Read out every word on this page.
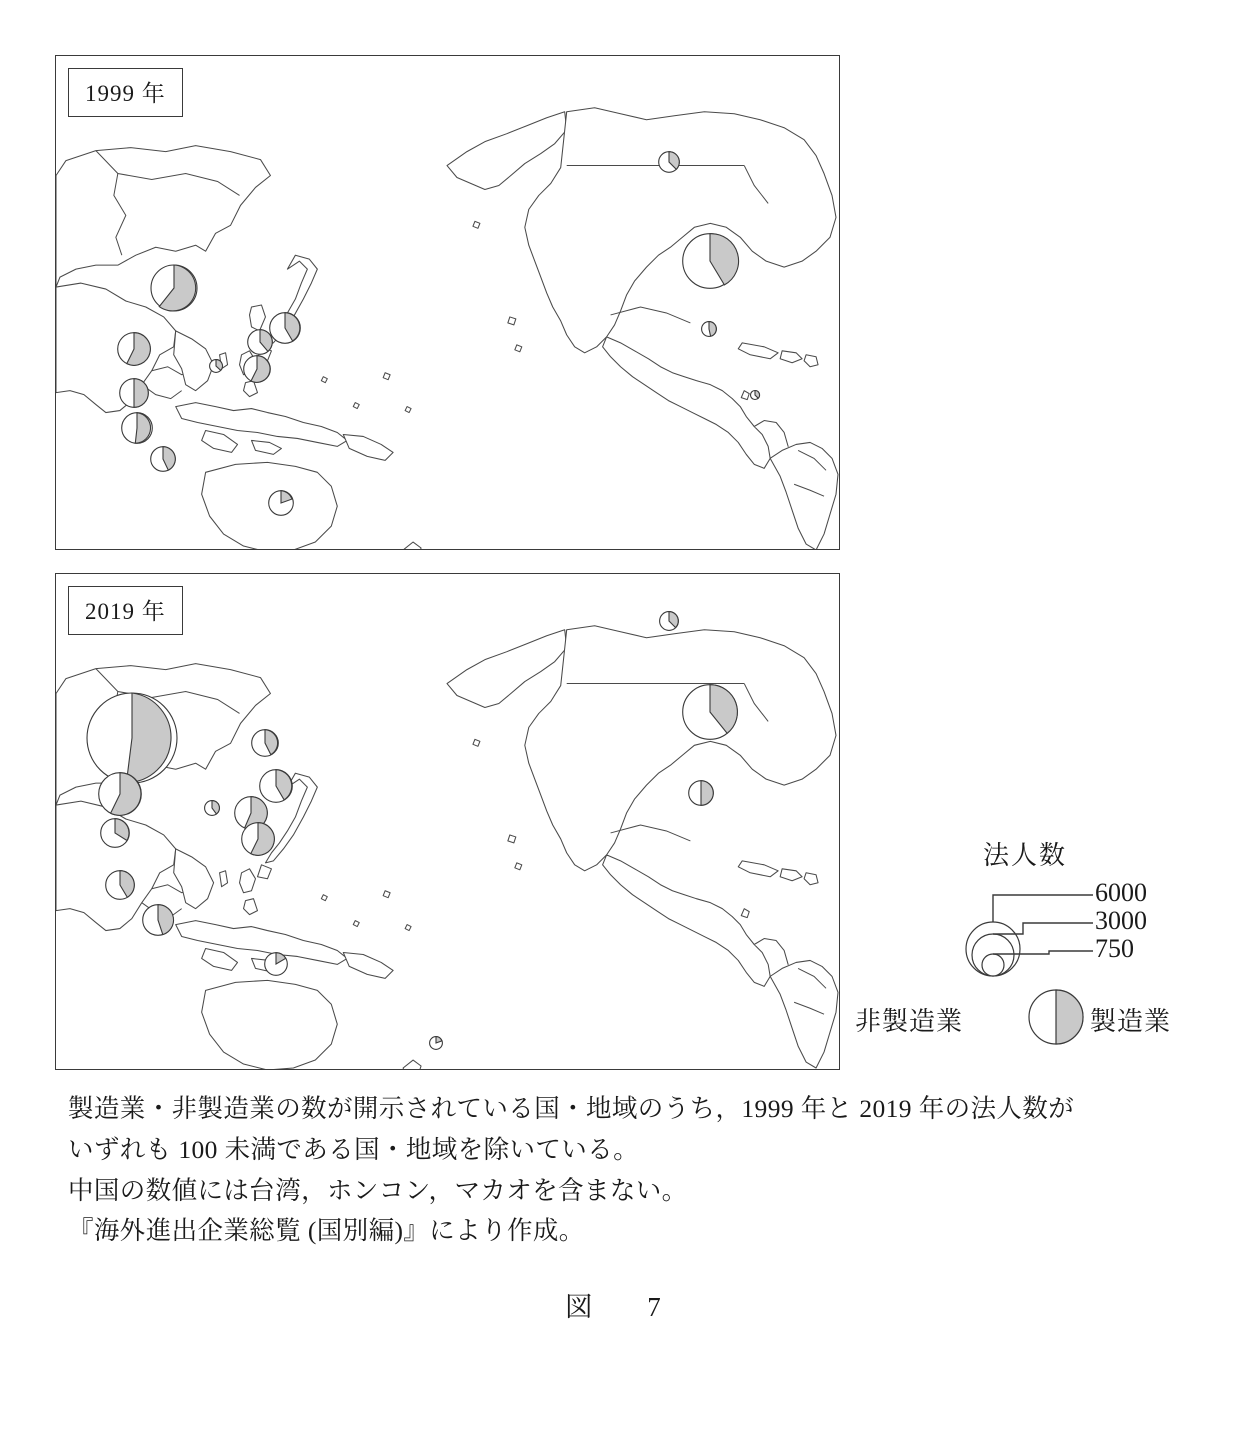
1999 年
2019 年
法人数
6000
3000
750
非製造業	製造業

製造業・非製造業の数が開示されている国・地域のうち，1999 年と 2019 年の法人数が

いずれも 100 未満である国・地域を除いている。

中国の数値には台湾，ホンコン，マカオを含まない。

『海外進出企業総覧 (国別編)』により作成。

図　7
